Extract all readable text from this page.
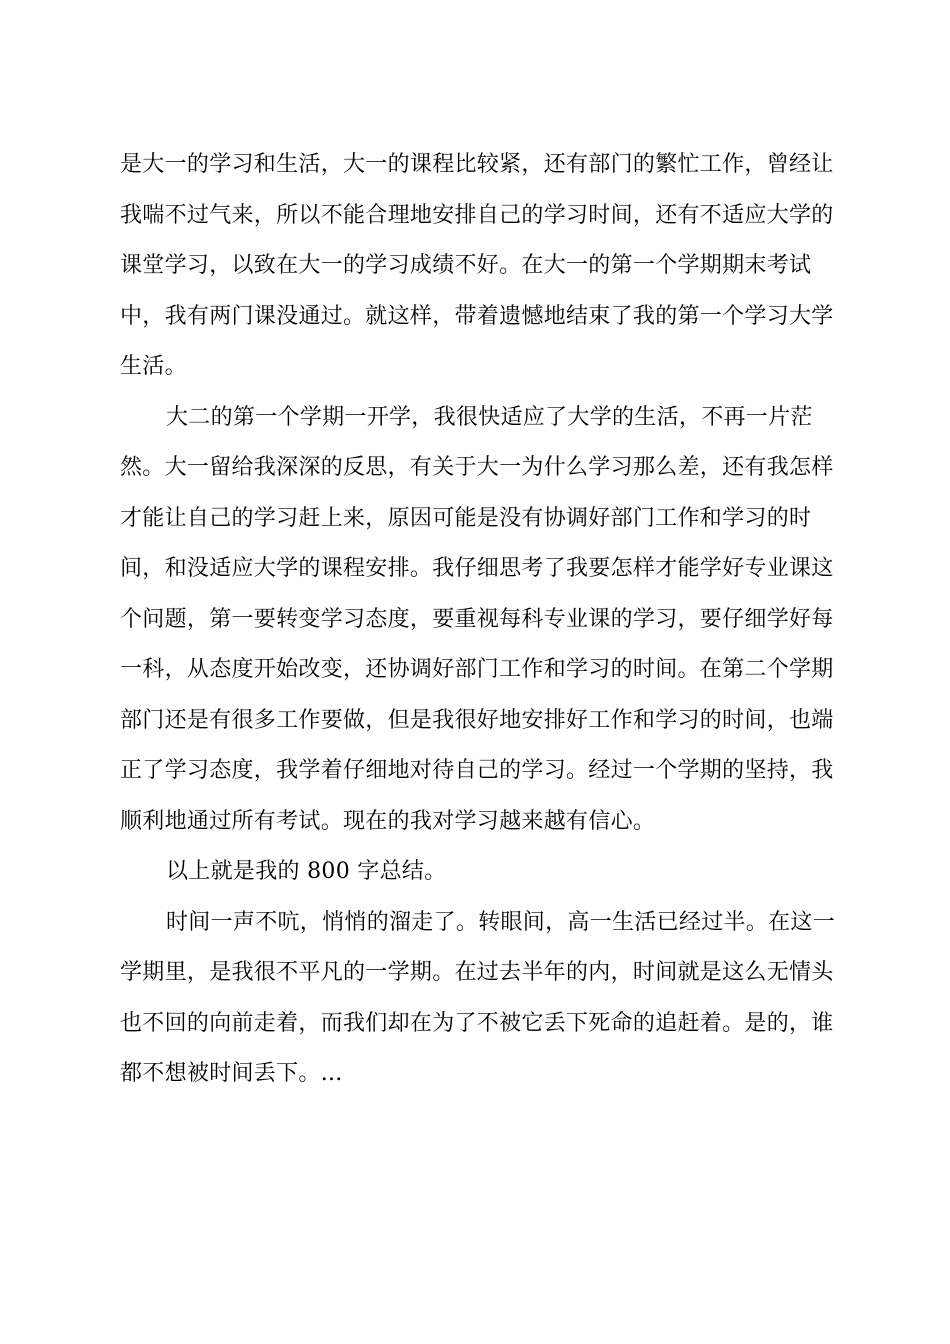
是大一的学习和生活，大一的课程比较紧，还有部门的繁忙工作，曾经让
我喘不过气来，所以不能合理地安排自己的学习时间，还有不适应大学的
课堂学习，以致在大一的学习成绩不好。在大一的第一个学期期末考试
中，我有两门课没通过。就这样，带着遗憾地结束了我的第一个学习大学
生活。
大二的第一个学期一开学，我很快适应了大学的生活，不再一片茫
然。大一留给我深深的反思，有关于大一为什么学习那么差，还有我怎样
才能让自己的学习赶上来，原因可能是没有协调好部门工作和学习的时
间，和没适应大学的课程安排。我仔细思考了我要怎样才能学好专业课这
个问题，第一要转变学习态度，要重视每科专业课的学习，要仔细学好每
一科，从态度开始改变，还协调好部门工作和学习的时间。在第二个学期
部门还是有很多工作要做，但是我很好地安排好工作和学习的时间，也端
正了学习态度，我学着仔细地对待自己的学习。经过一个学期的坚持，我
顺利地通过所有考试。现在的我对学习越来越有信心。
以上就是我的 800 字总结。
时间一声不吭，悄悄的溜走了。转眼间，高一生活已经过半。在这一
学期里，是我很不平凡的一学期。在过去半年的内，时间就是这么无情头
也不回的向前走着，而我们却在为了不被它丢下死命的追赶着。是的，谁
都不想被时间丢下。...
